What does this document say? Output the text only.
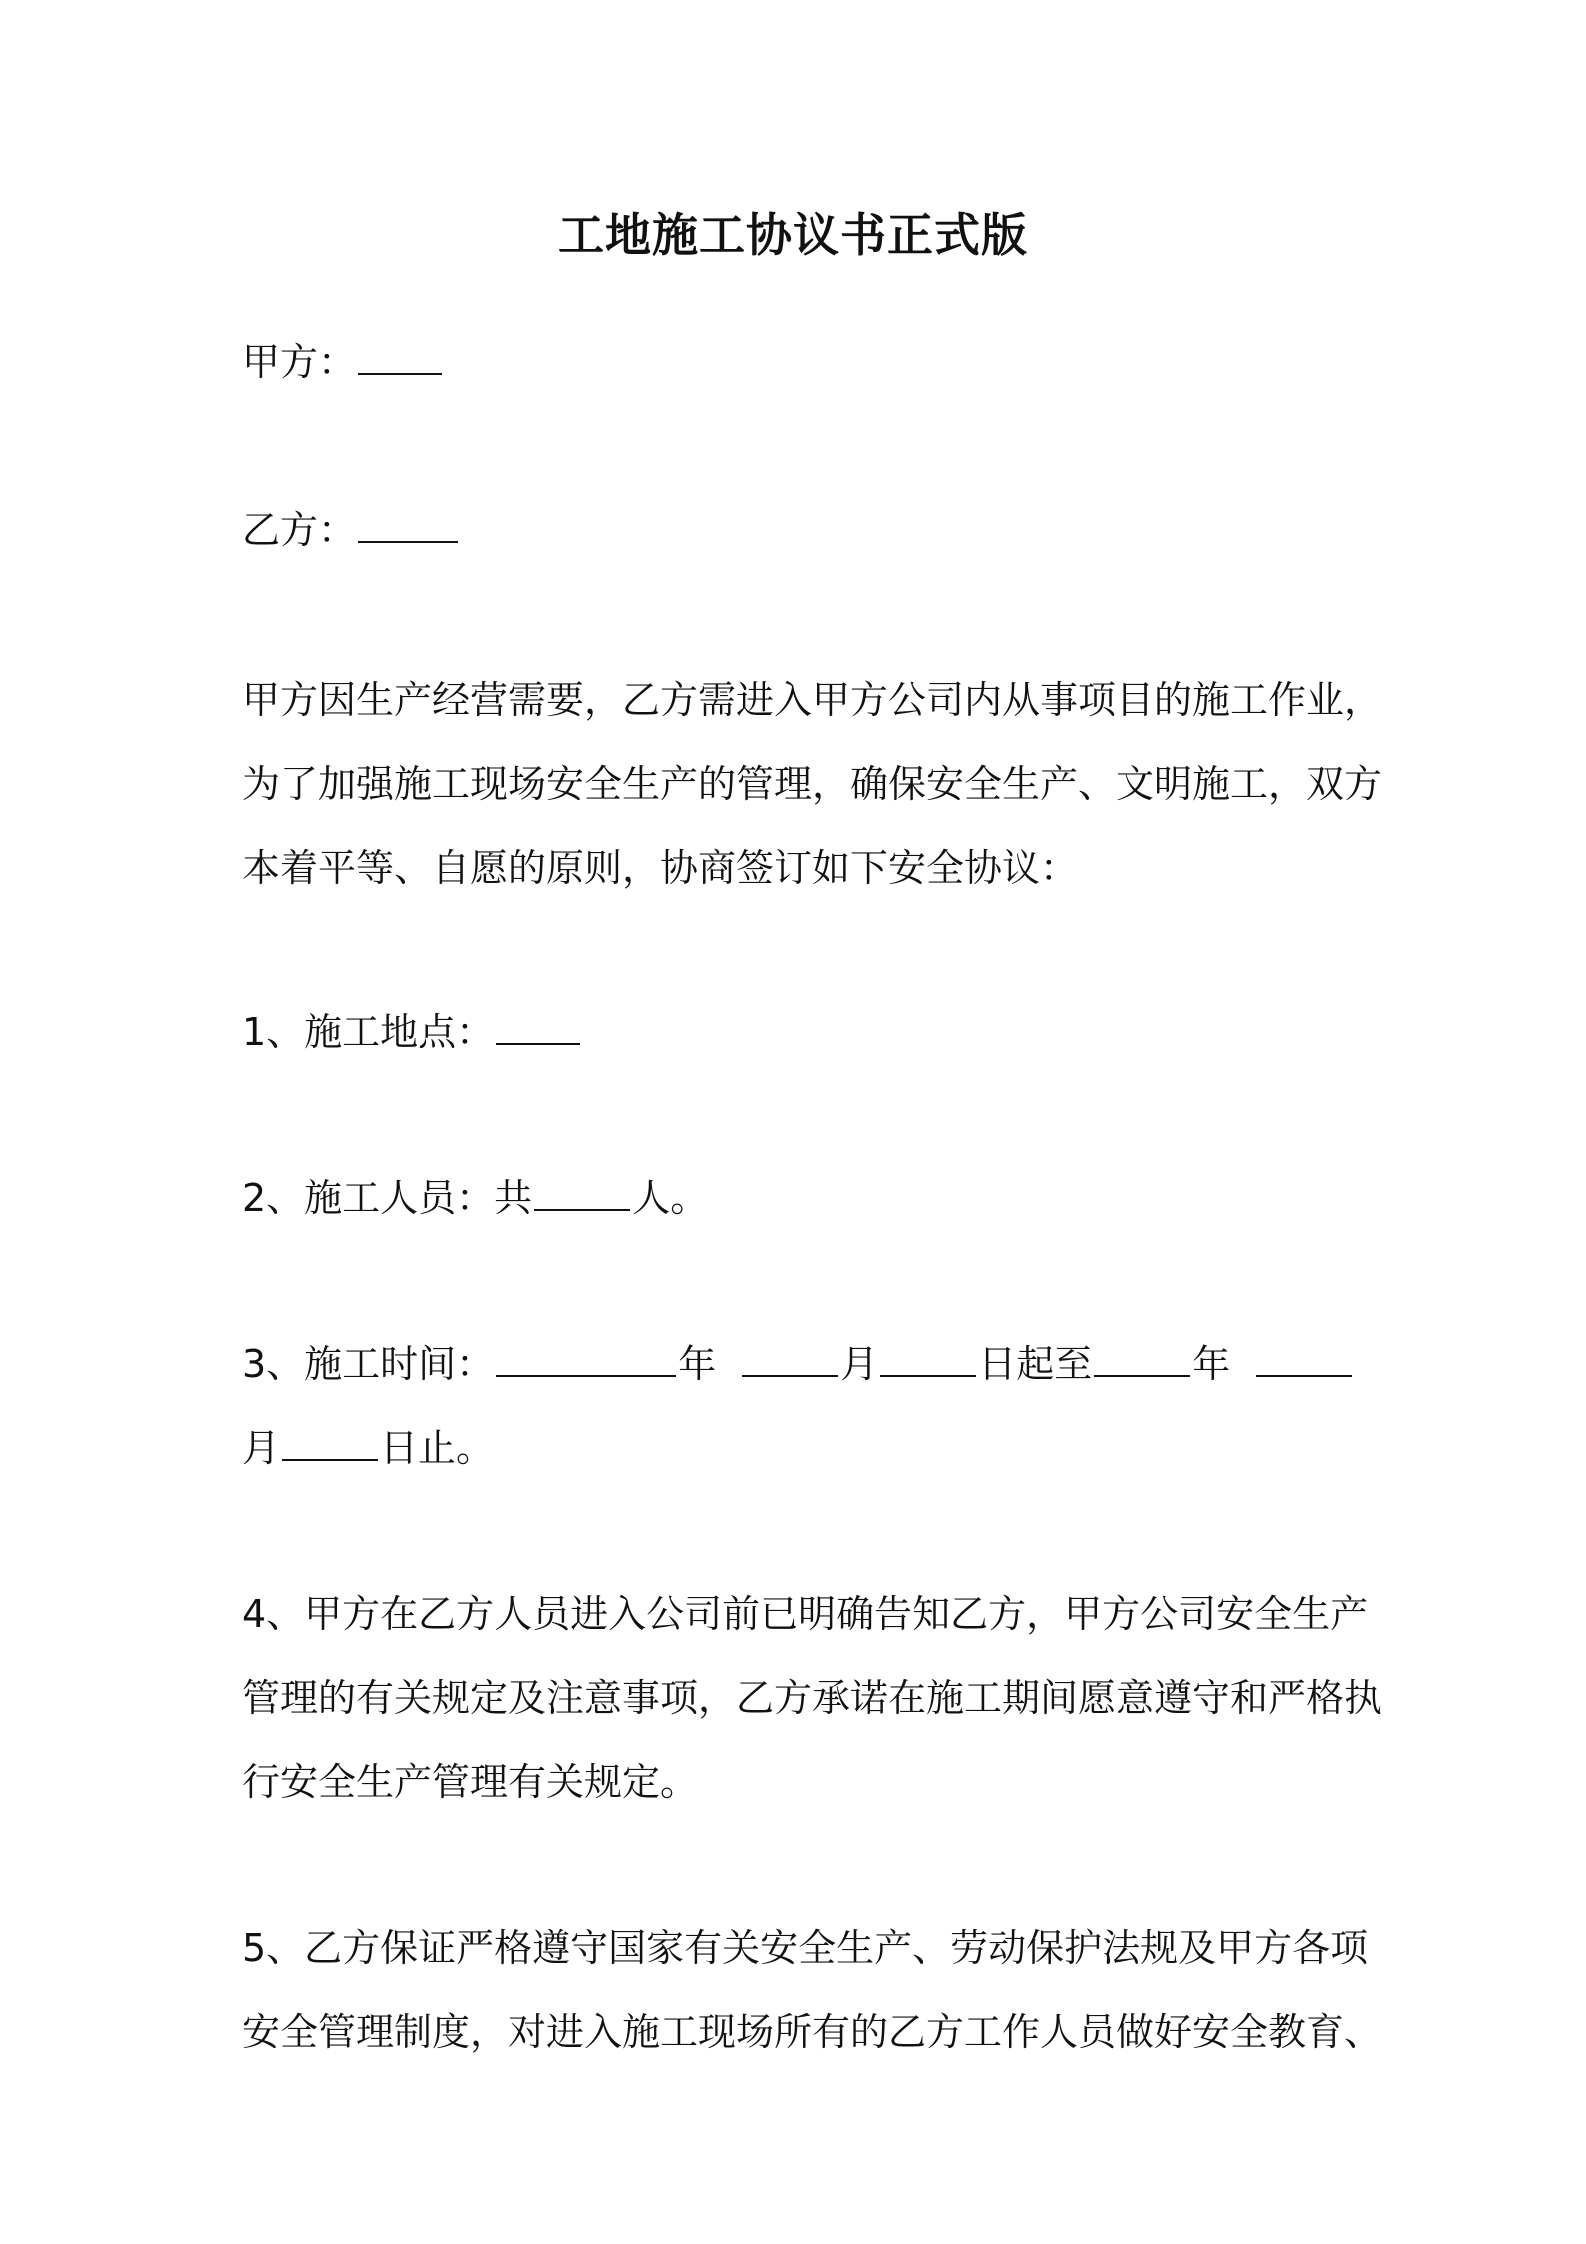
工地施工协议书正式版
甲方：
乙方：
甲方因生产经营需要，乙方需进入甲方公司内从事项目的施工作业，
为了加强施工现场安全生产的管理，确保安全生产、文明施工，双方
本着平等、自愿的原则，协商签订如下安全协议：
1、施工地点：
2、施工人员：共	人。
3、施工时间：	年	月	日起至	年
月	日止。
4、甲方在乙方人员进入公司前已明确告知乙方，甲方公司安全生产
管理的有关规定及注意事项，乙方承诺在施工期间愿意遵守和严格执
行安全生产管理有关规定。
5、乙方保证严格遵守国家有关安全生产、劳动保护法规及甲方各项
安全管理制度，对进入施工现场所有的乙方工作人员做好安全教育、
